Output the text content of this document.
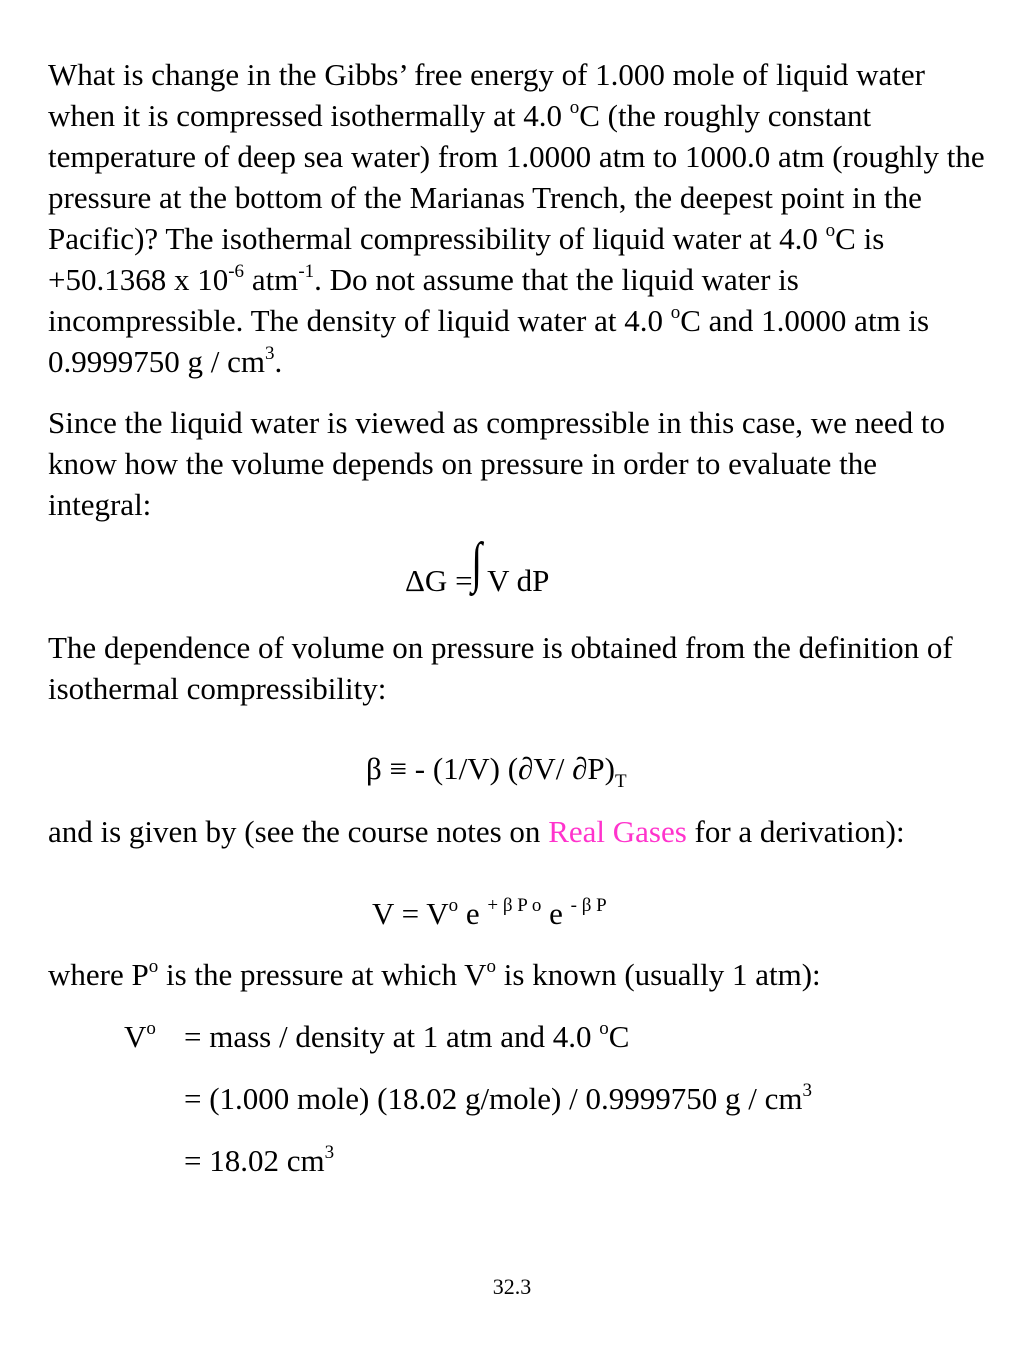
What is change in the Gibbs’ free energy of 1.000 mole of liquid water when it is compressed isothermally at 4.0 $^o$C (the roughly constant temperature of deep sea water) from 1.0000 atm to 1000.0 atm (roughly the pressure at the bottom of the Marianas Trench, the deepest point in the Pacific)? The isothermal compressibility of liquid water at 4.0 $^o$C is +50.1368 x $10^{-6}$ atm$^{-1}$. Do not assume that the liquid water is incompressible. The density of liquid water at 4.0 $^o$C and 1.0000 atm is 0.9999750 g / $cm^3$.

Since the liquid water is viewed as compressible in this case, we need to know how the volume depends on pressure in order to evaluate the integral:

ΔG =∫ V dP

The dependence of volume on pressure is obtained from the definition of isothermal compressibility:

β ≡ - (1/V) (∂V/ $\partial P)_T$

and is given by (see the course notes on Real Gases for a derivation):

$V = V^o$ e $^{+ \beta P o}$ e $^{- \beta P}$

where $P^o$ is the pressure at which $V^o$ is known (usually 1 atm):

$V^o$ = mass / density at 1 atm and 4.0 $^o$C
= (1.000 mole) (18.02 g/mole) / 0.9999750 g / $cm^3$
= 18.02 $cm^3$
32.3
